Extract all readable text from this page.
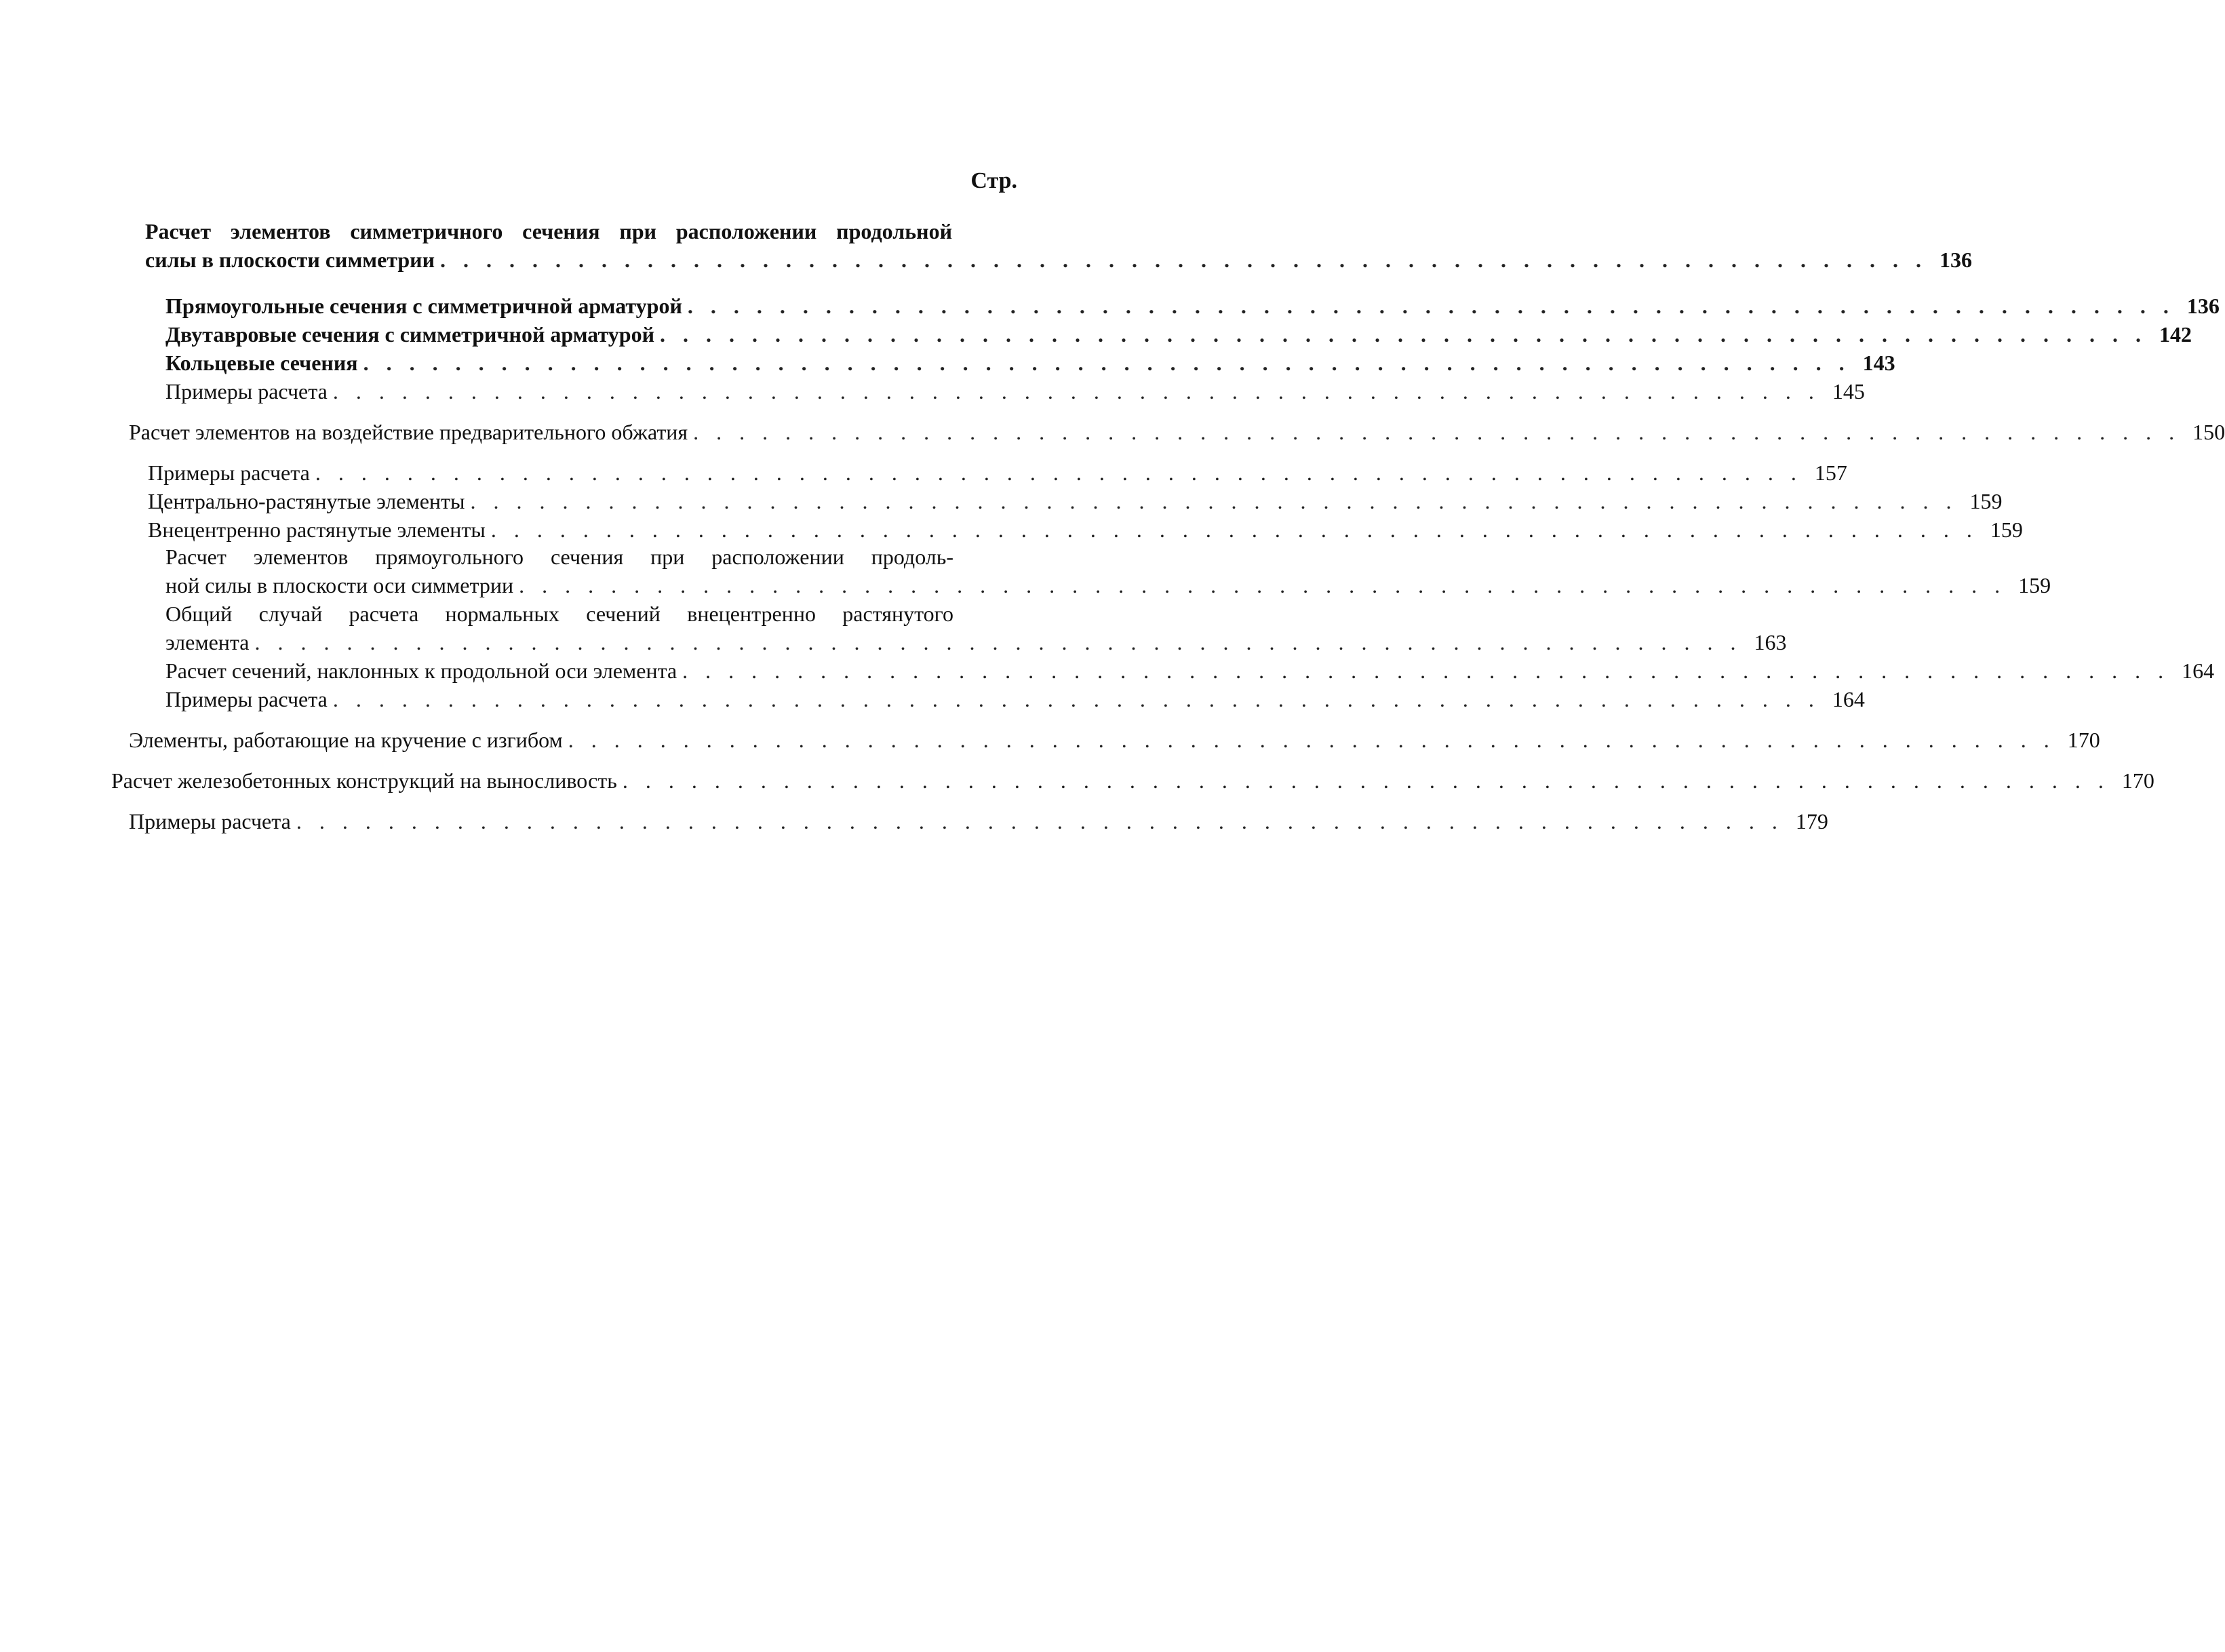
Стр.
Расчет элементов симметричного сечения при расположении продольной
силы в плоскости симметрии . . . . . . . . . . . . . . . . . . . . . . . . . . . . . . . . . . . . . . . . . . . . . . . . . . . . . . . . . . . . . . . . . 136
Прямоугольные сечения с симметричной арматурой . . . . . . . . . . . . . . . . . . . . . . . . . . . . . . . . . . . . . . . . . . . . . . . . . . . . . . . . . . . . . . . . . 136
Двутавровые сечения с симметричной арматурой . . . . . . . . . . . . . . . . . . . . . . . . . . . . . . . . . . . . . . . . . . . . . . . . . . . . . . . . . . . . . . . . . 142
Кольцевые сечения . . . . . . . . . . . . . . . . . . . . . . . . . . . . . . . . . . . . . . . . . . . . . . . . . . . . . . . . . . . . . . . . . 143
Примеры расчета . . . . . . . . . . . . . . . . . . . . . . . . . . . . . . . . . . . . . . . . . . . . . . . . . . . . . . . . . . . . . . . . . 145
Расчет элементов на воздействие предварительного обжатия . . . . . . . . . . . . . . . . . . . . . . . . . . . . . . . . . . . . . . . . . . . . . . . . . . . . . . . . . . . . . . . . . 150
Примеры расчета . . . . . . . . . . . . . . . . . . . . . . . . . . . . . . . . . . . . . . . . . . . . . . . . . . . . . . . . . . . . . . . . . 157
Центрально-растянутые элементы . . . . . . . . . . . . . . . . . . . . . . . . . . . . . . . . . . . . . . . . . . . . . . . . . . . . . . . . . . . . . . . . . 159
Внецентренно растянутые элементы . . . . . . . . . . . . . . . . . . . . . . . . . . . . . . . . . . . . . . . . . . . . . . . . . . . . . . . . . . . . . . . . . 159
Расчет элементов прямоугольного сечения при расположении продоль-
ной силы в плоскости оси симметрии . . . . . . . . . . . . . . . . . . . . . . . . . . . . . . . . . . . . . . . . . . . . . . . . . . . . . . . . . . . . . . . . . 159
Общий случай расчета нормальных сечений внецентренно растянутого
элемента . . . . . . . . . . . . . . . . . . . . . . . . . . . . . . . . . . . . . . . . . . . . . . . . . . . . . . . . . . . . . . . . . 163
Расчет сечений, наклонных к продольной оси элемента . . . . . . . . . . . . . . . . . . . . . . . . . . . . . . . . . . . . . . . . . . . . . . . . . . . . . . . . . . . . . . . . . 164
Примеры расчета . . . . . . . . . . . . . . . . . . . . . . . . . . . . . . . . . . . . . . . . . . . . . . . . . . . . . . . . . . . . . . . . . 164
Элементы, работающие на кручение с изгибом . . . . . . . . . . . . . . . . . . . . . . . . . . . . . . . . . . . . . . . . . . . . . . . . . . . . . . . . . . . . . . . . . 170
Расчет железобетонных конструкций на выносливость . . . . . . . . . . . . . . . . . . . . . . . . . . . . . . . . . . . . . . . . . . . . . . . . . . . . . . . . . . . . . . . . . 170
Примеры расчета . . . . . . . . . . . . . . . . . . . . . . . . . . . . . . . . . . . . . . . . . . . . . . . . . . . . . . . . . . . . . . . . . 179
